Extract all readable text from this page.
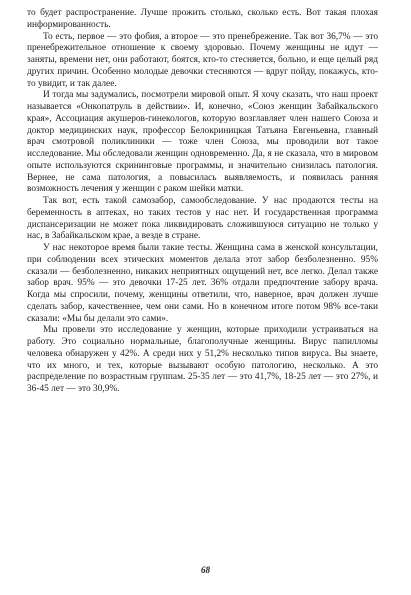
то будет распространение. Лучше прожить столько, сколько есть. Вот такая плохая информированность.

То есть, первое — это фобия, а второе — это пренебрежение. Так вот 36,7% — это пренебрежительное отношение к своему здоровью. Почему женщины не идут — заняты, времени нет, они работают, боятся, кто-то стесняется, больно, и еще целый ряд других причин. Особенно молодые девочки стесняются — вдруг пойду, покажусь, кто-то увидит, и так далее.

И тогда мы задумались, посмотрели мировой опыт. Я хочу сказать, что наш проект называется «Онкопатруль в действии». И, конечно, «Союз женщин Забайкальского края», Ассоциация акушеров-гинекологов, которую возглавляет член нашего Союза и доктор медицинских наук, профессор Белокриницкая Татьяна Евгеньевна, главный врач смотровой поликлиники — тоже член Союза, мы проводили вот такое исследование. Мы обследовали женщин одновременно. Да, я не сказала, что в мировом опыте используются скрининговые программы, и значительно снизилась патология. Вернее, не сама патология, а повысилась выявляемость, и появилась ранняя возможность лечения у женщин с раком шейки матки.

Так вот, есть такой самозабор, самообследование. У нас продаются тесты на беременность в аптеках, но таких тестов у нас нет. И государственная программа диспансеризации не может пока ликвидировать сложившуюся ситуацию не только у нас, в Забайкальском крае, а везде в стране.

У нас некоторое время были такие тесты. Женщина сама в женской консультации, при соблюдении всех этических моментов делала этот забор безболезненно. 95% сказали — безболезненно, никаких неприятных ощущений нет, все легко. Делал также забор врач. 95% — это девочки 17-25 лет. 36% отдали предпочтение забору врача. Когда мы спросили, почему, женщины ответили, что, наверное, врач должен лучше сделать забор, качественнее, чем они сами. Но в конечном итоге потом 98% все-таки сказали: «Мы бы делали это сами».

Мы провели это исследование у женщин, которые приходили устраиваться на работу. Это социально нормальные, благополучные женщины. Вирус папилломы человека обнаружен у 42%. А среди них у 51,2% несколько типов вируса. Вы знаете, что их много, и тех, которые вызывают особую патологию, несколько. А это распределение по возрастным группам. 25-35 лет — это 41,7%, 18-25 лет — это 27%, и 36-45 лет — это 30,9%.

68
